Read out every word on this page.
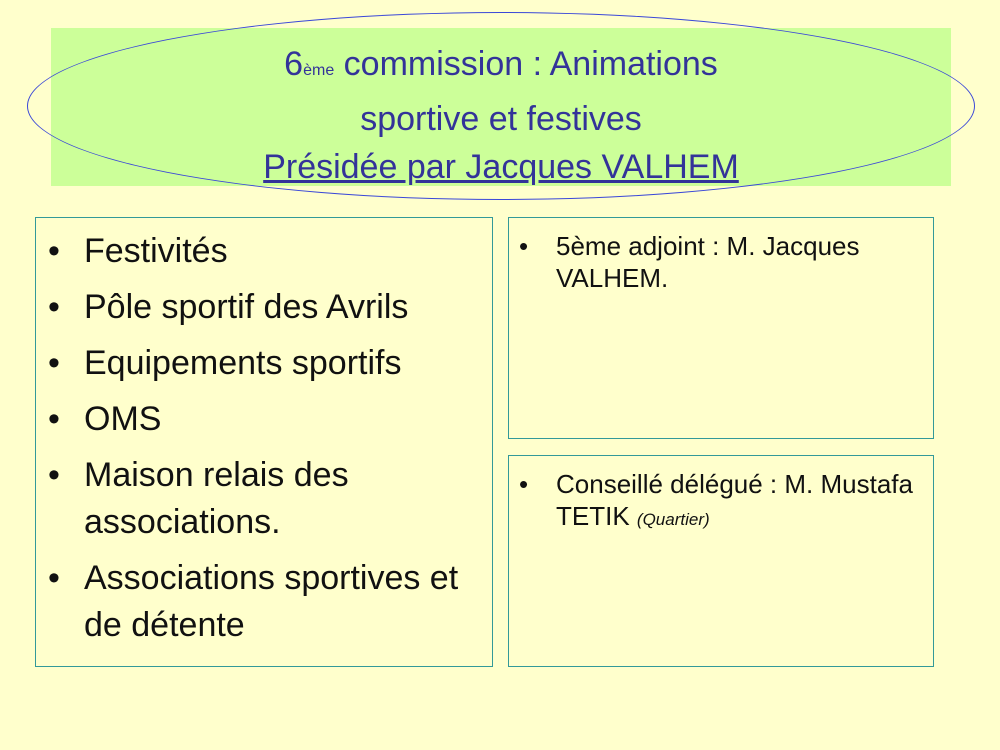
6ème commission : Animations
sportive et festives
Présidée par Jacques VALHEM
• Festivités
• Pôle sportif des Avrils
• Equipements sportifs
• OMS
• Maison relais des associations.
• Associations sportives et de détente
• 5ème adjoint : M. Jacques VALHEM.
• Conseillé délégué : M. Mustafa TETIK (Quartier)
